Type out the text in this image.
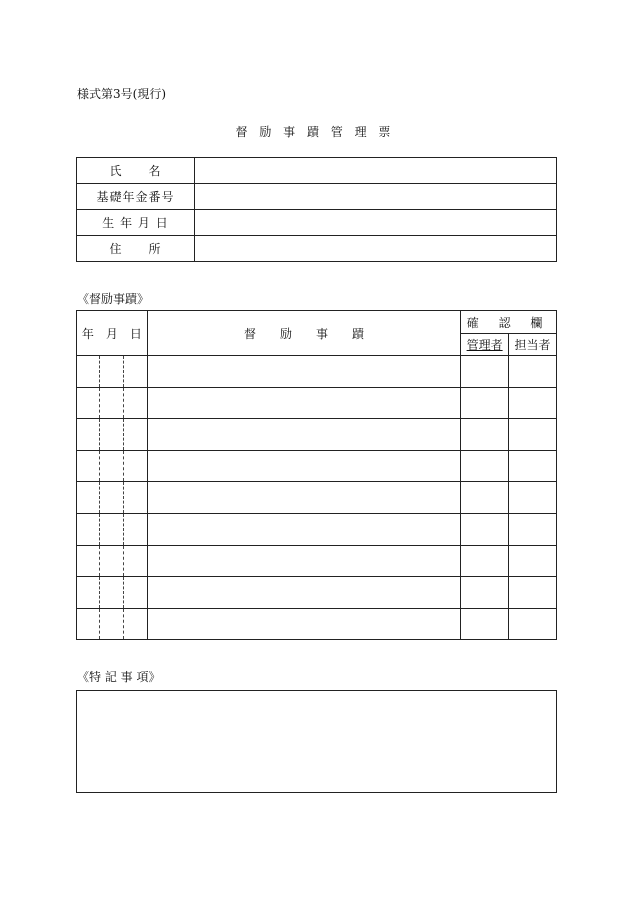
様式第3号(現行)
督 励 事 蹟 管 理 票
氏　　名	
基礎年金番号	
生 年 月 日	
住　　所	
《督励事蹟》
年　月　日	督　　励　　事　　蹟	確 認 欄	
		管理者	担当者

《特 記 事 項》
